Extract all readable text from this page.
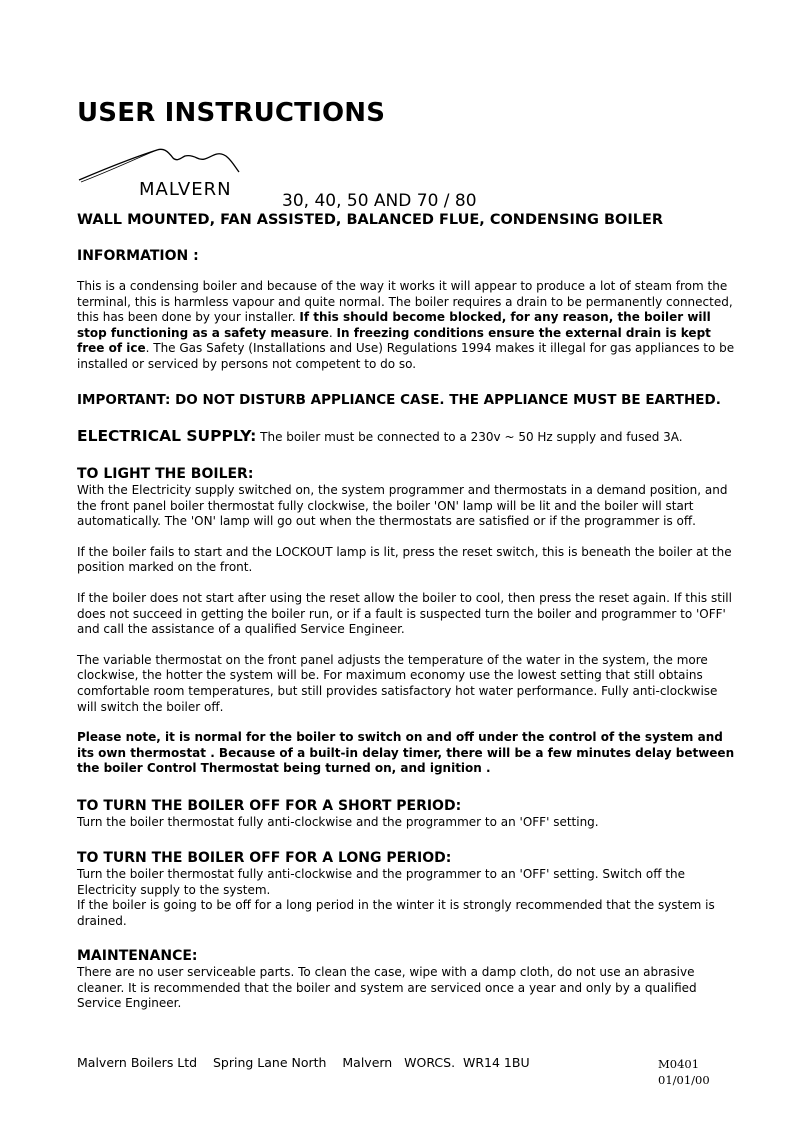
USER INSTRUCTIONS
MALVERN
30, 40, 50 AND 70 / 80
WALL MOUNTED, FAN ASSISTED, BALANCED FLUE, CONDENSING BOILER
INFORMATION :

This is a condensing boiler and because of the way it works it will appear to produce a lot of steam from the terminal, this is harmless vapour and quite normal. The boiler requires a drain to be permanently connected, this has been done by your installer. If this should become blocked, for any reason, the boiler will stop functioning as a safety measure. In freezing conditions ensure the external drain is kept free of ice. The Gas Safety (Installations and Use) Regulations 1994 makes it illegal for gas appliances to be installed or serviced by persons not competent to do so.

IMPORTANT: DO NOT DISTURB APPLIANCE CASE. THE APPLIANCE MUST BE EARTHED.
ELECTRICAL SUPPLY: The boiler must be connected to a 230v ~ 50 Hz supply and fused 3A.
TO LIGHT THE BOILER:

With the Electricity supply switched on, the system programmer and thermostats in a demand position, and the front panel boiler thermostat fully clockwise, the boiler 'ON' lamp will be lit and the boiler will start automatically. The 'ON' lamp will go out when the thermostats are satisfied or if the programmer is off.

If the boiler fails to start and the LOCKOUT lamp is lit, press the reset switch, this is beneath the boiler at the position marked on the front.

If the boiler does not start after using the reset allow the boiler to cool, then press the reset again. If this still does not succeed in getting the boiler run, or if a fault is suspected turn the boiler and programmer to 'OFF' and call the assistance of a qualified Service Engineer.

The variable thermostat on the front panel adjusts the temperature of the water in the system, the more clockwise, the hotter the system will be. For maximum economy use the lowest setting that still obtains comfortable room temperatures, but still provides satisfactory hot water performance. Fully anti-clockwise will switch the boiler off.

Please note, it is normal for the boiler to switch on and off under the control of the system and its own thermostat . Because of a built-in delay timer, there will be a few minutes delay between the boiler Control Thermostat being turned on, and ignition .

TO TURN THE BOILER OFF FOR A SHORT PERIOD:

Turn the boiler thermostat fully anti-clockwise and the programmer to an 'OFF' setting.

TO TURN THE BOILER OFF FOR A LONG PERIOD:

Turn the boiler thermostat fully anti-clockwise and the programmer to an 'OFF' setting. Switch off the Electricity supply to the system.

If the boiler is going to be off for a long period in the winter it is strongly recommended that the system is drained.

MAINTENANCE:

There are no user serviceable parts. To clean the case, wipe with a damp cloth, do not use an abrasive cleaner. It is recommended that the boiler and system are serviced once a year and only by a qualified Service Engineer.

Malvern Boilers Ltd    Spring Lane North    Malvern   WORCS.  WR14 1BU	M0401
01/01/00
